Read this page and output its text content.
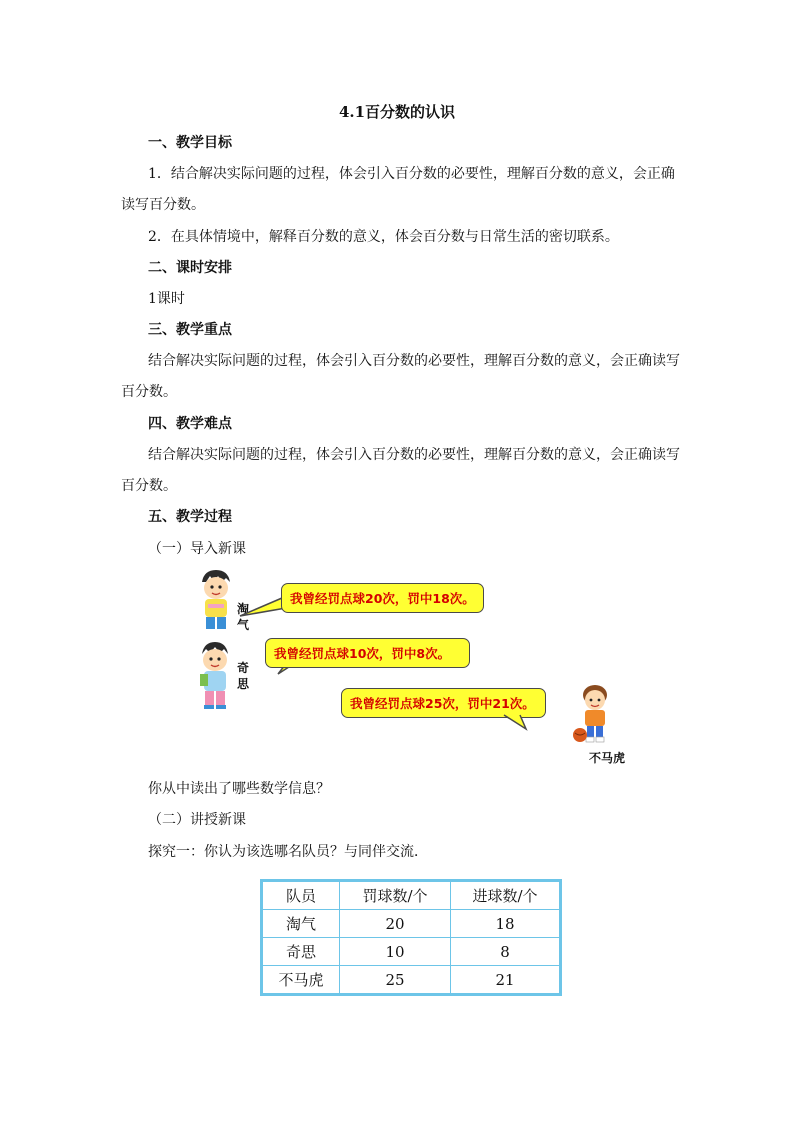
4.1百分数的认识
一、教学目标
1．结合解决实际问题的过程，体会引入百分数的必要性，理解百分数的意义，会正确
读写百分数。
2．在具体情境中，解释百分数的意义，体会百分数与日常生活的密切联系。
二、课时安排
1课时
三、教学重点
结合解决实际问题的过程，体会引入百分数的必要性，理解百分数的意义，会正确读写
百分数。
四、教学难点
结合解决实际问题的过程，体会引入百分数的必要性，理解百分数的意义，会正确读写
百分数。
五、教学过程
（一）导入新课
淘
气
我曾经罚点球20次，罚中18次。
奇
思
我曾经罚点球10次，罚中8次。
我曾经罚点球25次，罚中21次。
不马虎
你从中读出了哪些数学信息？
（二）讲授新课
探究一：你认为该选哪名队员？与同伴交流．
队员	罚球数/个	进球数/个
淘气	20	18
奇思	10	8
不马虎	25	21
